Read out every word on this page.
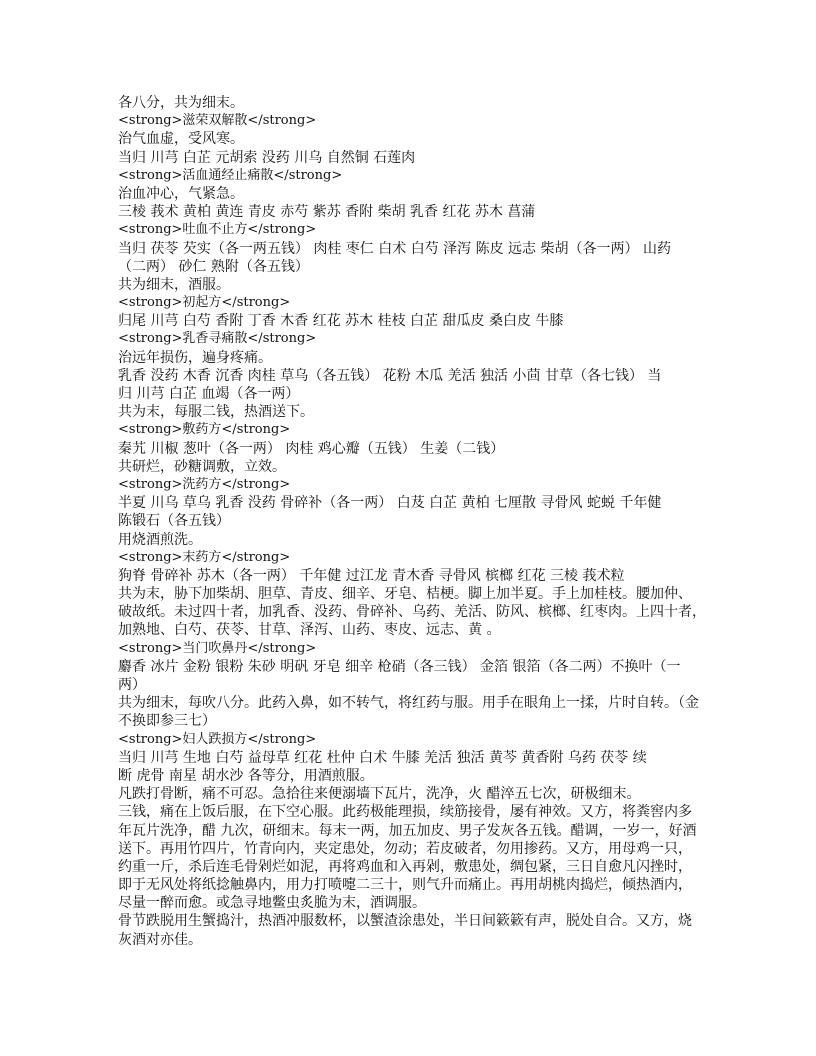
各八分，共为细末。
<strong>滋荣双解散</strong>
治气血虚，受风寒。
当归 川芎 白芷 元胡索 没药 川乌 自然铜 石莲肉
<strong>活血通经止痛散</strong>
治血冲心，气紧急。
三棱 莪术 黄柏 黄连 青皮 赤芍 紫苏 香附 柴胡 乳香 红花 苏木 菖蒲
<strong>吐血不止方</strong>
当归 茯苓 芡实（各一两五钱） 肉桂 枣仁 白术 白芍 泽泻 陈皮 远志 柴胡（各一两） 山药
（二两） 砂仁 熟附（各五钱）
共为细末，酒服。
<strong>初起方</strong>
归尾 川芎 白芍 香附 丁香 木香 红花 苏木 桂枝 白芷 甜瓜皮 桑白皮 牛膝
<strong>乳香寻痛散</strong>
治远年损伤，遍身疼痛。
乳香 没药 木香 沉香 肉桂 草乌（各五钱） 花粉 木瓜 羌活 独活 小茴 甘草（各七钱） 当
归 川芎 白芷 血竭（各一两）
共为末，每服二钱，热酒送下。
<strong>敷药方</strong>
秦艽 川椒 葱叶（各一两） 肉桂 鸡心瓣（五钱） 生姜（二钱）
共研烂，砂糖调敷，立效。
<strong>洗药方</strong>
半夏 川乌 草乌 乳香 没药 骨碎补（各一两） 白芨 白芷 黄柏 七厘散 寻骨风 蛇蜕 千年健
陈锻石（各五钱）
用烧酒煎洗。
<strong>末药方</strong>
狗脊 骨碎补 苏木（各一两） 千年健 过江龙 青木香 寻骨风 槟榔 红花 三棱 莪术粒
共为末，胁下加柴胡、胆草、青皮、细辛、牙皂、桔梗。脚上加半夏。手上加桂枝。腰加仲、
破故纸。未过四十者，加乳香、没药、骨碎补、乌药、羌活、防风、槟榔、红枣肉。上四十者，
加熟地、白芍、茯苓、甘草、泽泻、山药、枣皮、远志、黄 。
<strong>当门吹鼻丹</strong>
麝香 冰片 金粉 银粉 朱砂 明矾 牙皂 细辛 枪硝（各三钱） 金箔 银箔（各二两）不换叶（一
两）
共为细末，每吹八分。此药入鼻，如不转气，将红药与服。用手在眼角上一揉，片时自转。（金
不换即参三七）
<strong>妇人跌损方</strong>
当归 川芎 生地 白芍 益母草 红花 杜仲 白术 牛膝 羌活 独活 黄芩 黄香附 乌药 茯苓 续
断 虎骨 南星 胡水沙 各等分，用酒煎服。
凡跌打骨断，痛不可忍。急拾往来便溺墙下瓦片，洗净，火 醋淬五七次，研极细末。
三钱，痛在上饭后服，在下空心服。此药极能理损，续筋接骨，屡有神效。又方，将粪窖内多
年瓦片洗净，醋 九次，研细末。每末一两，加五加皮、男子发灰各五钱。醋调，一岁一，好酒
送下。再用竹四片，竹青向内，夹定患处，勿动；若皮破者，勿用掺药。又方，用母鸡一只，
约重一斤，杀后连毛骨剁烂如泥，再将鸡血和入再剁，敷患处，绸包紧，三日自愈凡闪挫时，
即于无风处将纸捻触鼻内，用力打喷嚏二三十，则气升而痛止。再用胡桃肉捣烂，倾热酒内，
尽量一醉而愈。或急寻地鳖虫炙脆为末，酒调服。
骨节跌脱用生蟹捣汁，热酒冲服数杯，以蟹渣涂患处，半日间簌簌有声，脱处自合。又方，烧
灰酒对亦佳。
